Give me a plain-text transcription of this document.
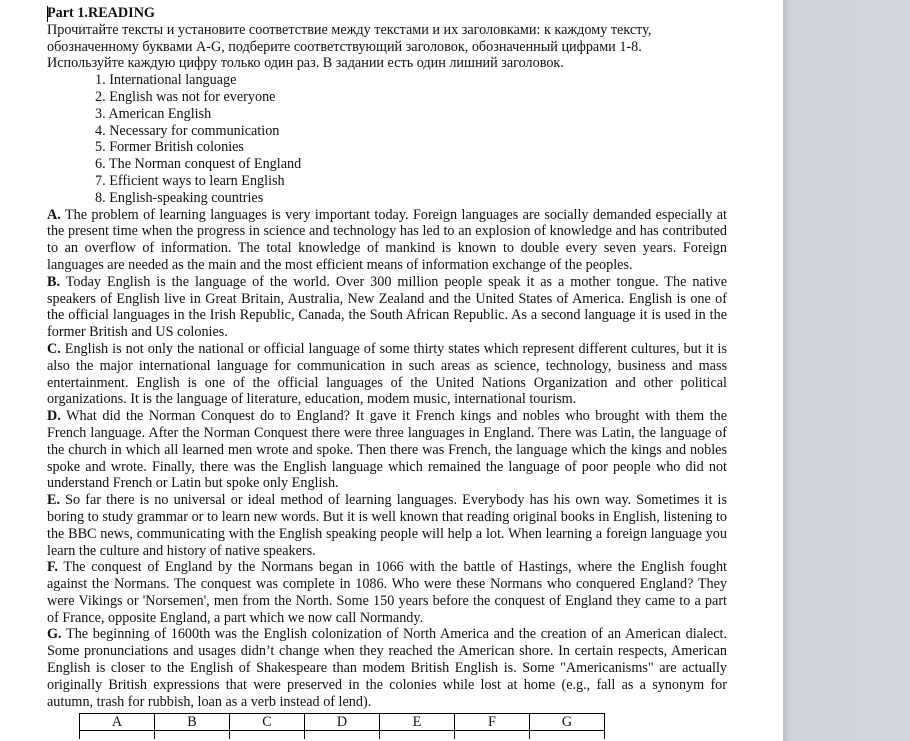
Part 1.READING

Прочитайте тексты и установите соответствие между текстами и их заголовками: к каждому тексту,

обозначенному буквами A-G, подберите соответствующий заголовок, обозначенный цифрами 1-8.

Используйте каждую цифру только один раз. В задании есть один лишний заголовок.

1. International language
2. English was not for everyone
3. American English
4. Necessary for communication
5. Former British colonies
6. The Norman conquest of England
7. Efficient ways to learn English
8. English-speaking countries

A. The problem of learning languages is very important today. Foreign languages are socially demanded especially at the present time when the progress in science and technology has led to an explosion of knowledge and has contributed to an overflow of information. The total knowledge of mankind is known to double every seven years. Foreign languages are needed as the main and the most efficient means of information exchange of the peoples.

B. Today English is the language of the world. Over 300 million people speak it as a mother tongue. The native speakers of English live in Great Britain, Australia, New Zealand and the United States of America. English is one of the official languages in the Irish Republic, Canada, the South African Republic. As a second language it is used in the former British and US colonies.

C. English is not only the national or official language of some thirty states which represent different cultures, but it is also the major international language for communication in such areas as science, technology, business and mass entertainment. English is one of the official languages of the United Nations Organization and other political organizations. It is the language of literature, education, modem music, international tourism.

D. What did the Norman Conquest do to England? It gave it French kings and nobles who brought with them the French language. After the Norman Conquest there were three languages in England. There was Latin, the language of the church in which all learned men wrote and spoke. Then there was French, the language which the kings and nobles spoke and wrote. Finally, there was the English language which remained the language of poor people who did not understand French or Latin but spoke only English.

E. So far there is no universal or ideal method of learning languages. Everybody has his own way. Sometimes it is boring to study grammar or to learn new words. But it is well known that reading original books in English, listening to the BBC news, communicating with the English speaking people will help a lot. When learning a foreign language you learn the culture and history of native speakers.

F. The conquest of England by the Normans began in 1066 with the battle of Hastings, where the English fought against the Normans. The conquest was complete in 1086. Who were these Normans who conquered England? They were Vikings or 'Norsemen', men from the North. Some 150 years before the conquest of England they came to a part of France, opposite England, a part which we now call Normandy.

G. The beginning of 1600th was the English colonization of North America and the creation of an American dialect. Some pronunciations and usages didn’t change when they reached the American shore. In certain respects, American English is closer to the English of Shakespeare than modem British English is. Some "Americanisms" are actually originally British expressions that were preserved in the colonies while lost at home (e.g., fall as a synonym for autumn, trash for rubbish, loan as a verb instead of lend).

A	B	C	D	E	F	G
